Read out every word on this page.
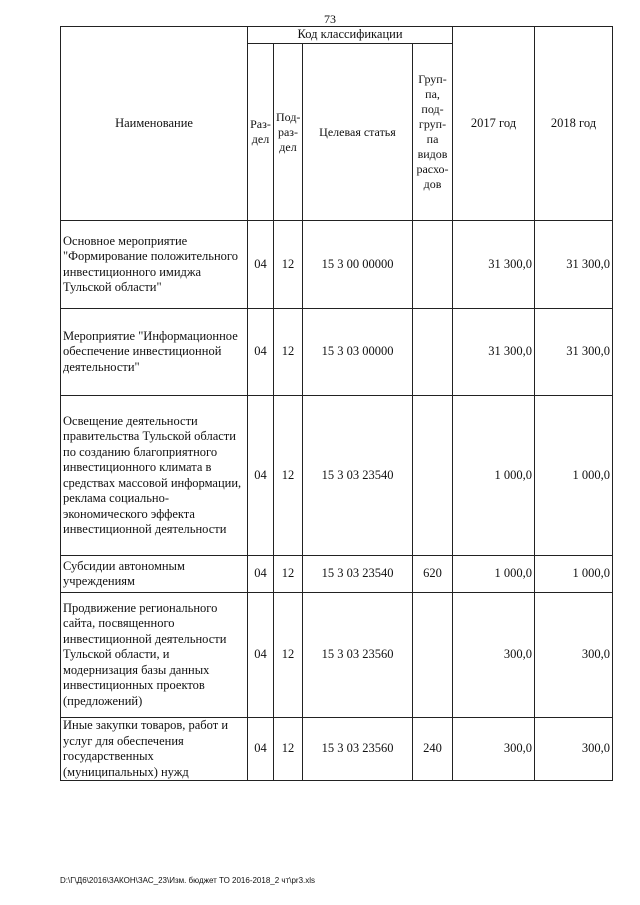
73
Наименование	Код классификации				2017 год	2018 год
	Раз-дел	Под-раз-дел	Целевая статья	Груп-па, под-груп-па видов расхо-дов		
Основное мероприятие "Формирование положительного инвестиционного имиджа Тульской области"	04	12	15 3 00 00000		31 300,0	31 300,0
Мероприятие "Информационное обеспечение инвестиционной деятельности"	04	12	15 3 03 00000		31 300,0	31 300,0
Освещение деятельности правительства Тульской области по созданию благоприятного инвестиционного климата в средствах массовой информации, реклама социально-экономического эффекта инвестиционной деятельности	04	12	15 3 03 23540		1 000,0	1 000,0
Субсидии автономным учреждениям	04	12	15 3 03 23540	620	1 000,0	1 000,0
Продвижение регионального сайта, посвященного инвестиционной деятельности Тульской области, и модернизация базы данных инвестиционных проектов (предложений)	04	12	15 3 03 23560		300,0	300,0
Иные закупки товаров, работ и услуг для обеспечения государственных (муниципальных) нужд	04	12	15 3 03 23560	240	300,0	300,0
D:\Г\Д6\2016\ЗАКОН\ЗАС_23\Изм. бюджет ТО 2016-2018_2 чт\pr3.xls
